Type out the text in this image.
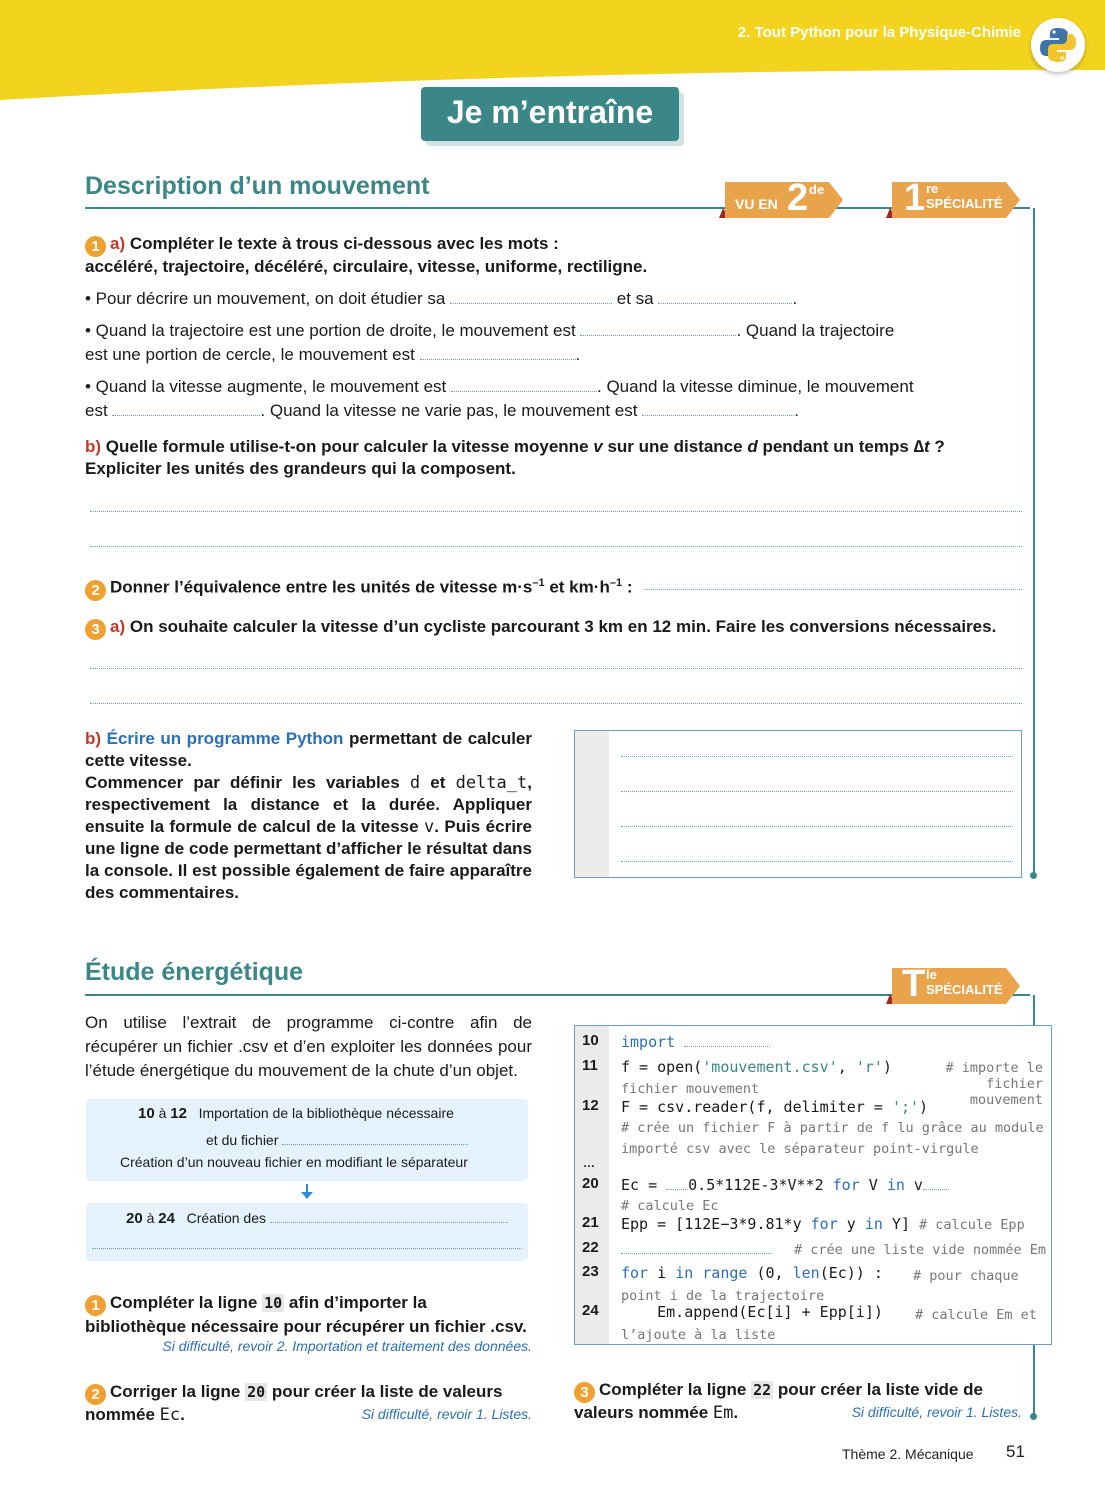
2. Tout Python pour la Physique-Chimie
Je m’entraîne
Description d’un mouvement
VU EN 2 de 1 re
SPÉCIALITÉ
1 a) Compléter le texte à trous ci-dessous avec les mots :
accéléré, trajectoire, décéléré, circulaire, vitesse, uniforme, rectiligne.
• Pour décrire un mouvement, on doit étudier sa	et sa	.
• Quand la trajectoire est une portion de droite, le mouvement est	. Quand la trajectoire
est une portion de cercle, le mouvement est	.
• Quand la vitesse augmente, le mouvement est	. Quand la vitesse diminue, le mouvement
est	. Quand la vitesse ne varie pas, le mouvement est	.
b) Quelle formule utilise-t-on pour calculer la vitesse moyenne v sur une distance d pendant un temps ∆t ?
Expliciter les unités des grandeurs qui la composent.
2 Donner l’équivalence entre les unités de vitesse $m\cdot s^{-1}$ et $km\cdot h^{-1}$ :
3 a) On souhaite calculer la vitesse d’un cycliste parcourant 3 km en 12 min. Faire les conversions nécessaires.
b) Écrire un programme Python permettant de calculer cette vitesse.
Commencer par définir les variables d et delta_t, respectivement la distance et la durée. Appliquer ensuite la formule de calcul de la vitesse v. Puis écrire une ligne de code permettant d’afficher le résultat dans la console. Il est possible également de faire apparaître des commentaires.
Étude énergétique	T le
SPÉCIALITÉ
On utilise l’extrait de programme ci-contre afin de récupérer un fichier .csv et d’en exploiter les données pour l’étude énergétique du mouvement de la chute d’un objet.
10 à 12 Importation de la bibliothèque nécessaire
et du fichier
Création d’un nouveau fichier en modifiant le séparateur
20 à 24 Création des
10 import
11 f = open('mouvement.csv', 'r')	# importe le fichier mouvement
fichier mouvement
12 F = csv.reader(f, delimiter = ';')
# crée un fichier F à partir de f lu grâce au module importé csv avec le séparateur point-virgule
…
20 Ec = 0.5*112E-3*V**2 for V in v
# calcule Ec
21 Epp = [112E−3*9.81*y for y in Y] # calcule Epp
22	# crée une liste vide nommée Em
23 for i in range (0, len(Ec)) :	# pour chaque point i de la trajectoire
24 Em.append(Ec[i] + Epp[i])	# calcule Em et l’ajoute à la liste
1 Compléter la ligne 10 afin d’importer la bibliothèque nécessaire pour récupérer un fichier .csv.
Si difficulté, revoir 2. Importation et traitement des données.
2 Corriger la ligne 20 pour créer la liste de valeurs
nommée Ec.	Si difficulté, revoir 1. Listes.
3 Compléter la ligne 22 pour créer la liste vide de
valeurs nommée Em.	Si difficulté, revoir 1. Listes.
Thème 2. Mécanique 51
